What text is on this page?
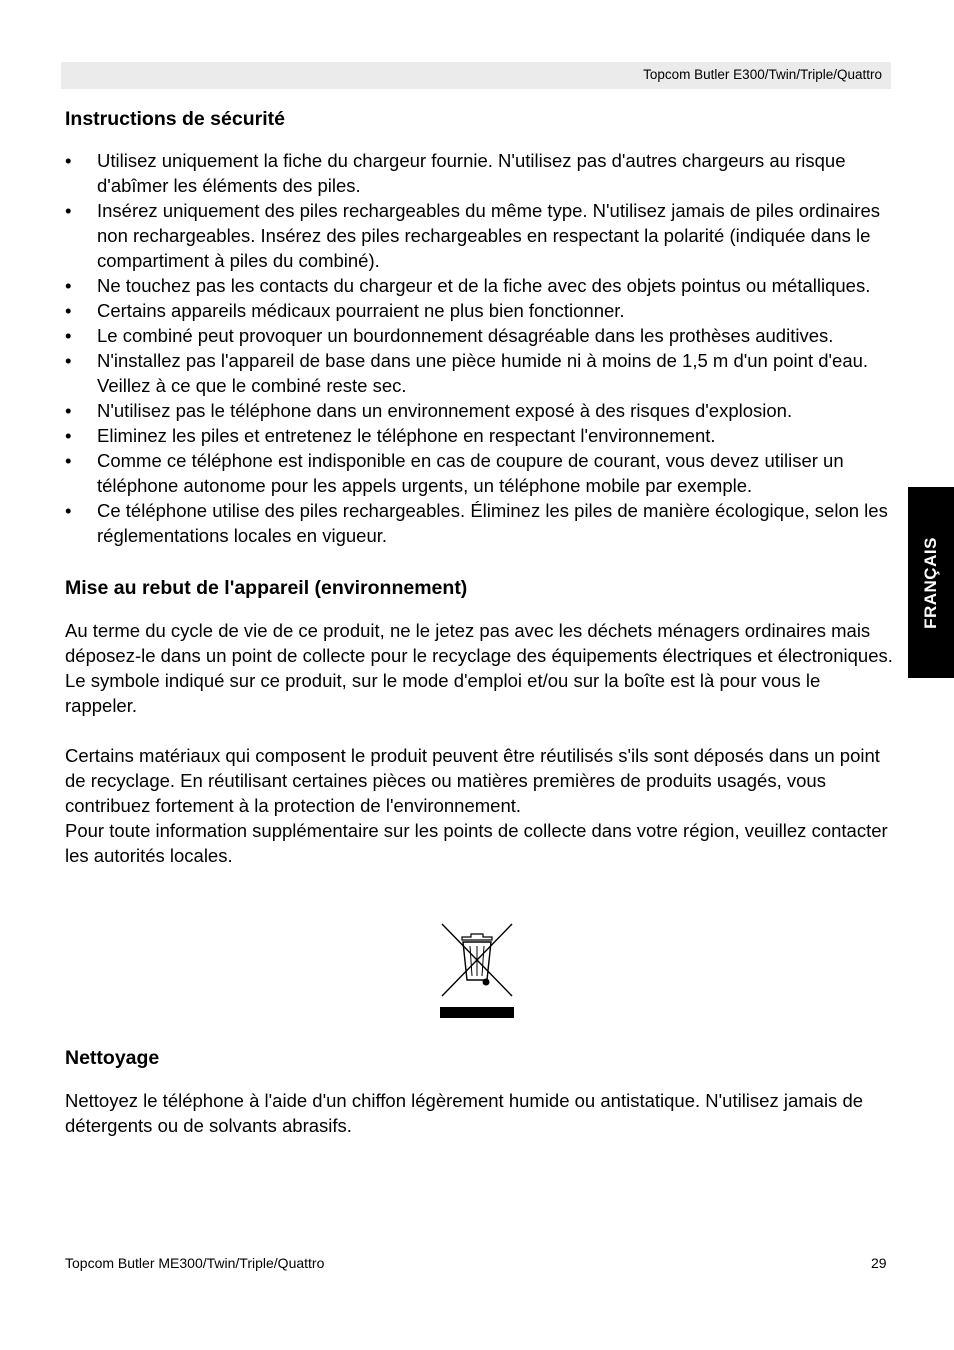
Topcom Butler E300/Twin/Triple/Quattro
FRANÇAIS
Instructions de sécurité
• Utilisez uniquement la fiche du chargeur fournie. N'utilisez pas d'autres chargeurs au risque d'abîmer les éléments des piles.
• Insérez uniquement des piles rechargeables du même type. N'utilisez jamais de piles ordinaires non rechargeables. Insérez des piles rechargeables en respectant la polarité (indiquée dans le compartiment à piles du combiné).
• Ne touchez pas les contacts du chargeur et de la fiche avec des objets pointus ou métalliques.
• Certains appareils médicaux pourraient ne plus bien fonctionner.
• Le combiné peut provoquer un bourdonnement désagréable dans les prothèses auditives.
• N'installez pas l'appareil de base dans une pièce humide ni à moins de 1,5 m d'un point d'eau. Veillez à ce que le combiné reste sec.
• N'utilisez pas le téléphone dans un environnement exposé à des risques d'explosion.
• Eliminez les piles et entretenez le téléphone en respectant l'environnement.
• Comme ce téléphone est indisponible en cas de coupure de courant, vous devez utiliser un téléphone autonome pour les appels urgents, un téléphone mobile par exemple.
• Ce téléphone utilise des piles rechargeables. Éliminez les piles de manière écologique, selon les réglementations locales en vigueur.
Mise au rebut de l'appareil (environnement)

Au terme du cycle de vie de ce produit, ne le jetez pas avec les déchets ménagers ordinaires mais déposez-le dans un point de collecte pour le recyclage des équipements électriques et électroniques. Le symbole indiqué sur ce produit, sur le mode d'emploi et/ou sur la boîte est là pour vous le rappeler.

Certains matériaux qui composent le produit peuvent être réutilisés s'ils sont déposés dans un point de recyclage. En réutilisant certaines pièces ou matières premières de produits usagés, vous contribuez fortement à la protection de l'environnement.

Pour toute information supplémentaire sur les points de collecte dans votre région, veuillez contacter les autorités locales.

Nettoyage

Nettoyez le téléphone à l'aide d'un chiffon légèrement humide ou antistatique. N'utilisez jamais de détergents ou de solvants abrasifs.

Topcom Butler ME300/Twin/Triple/Quattro	29
